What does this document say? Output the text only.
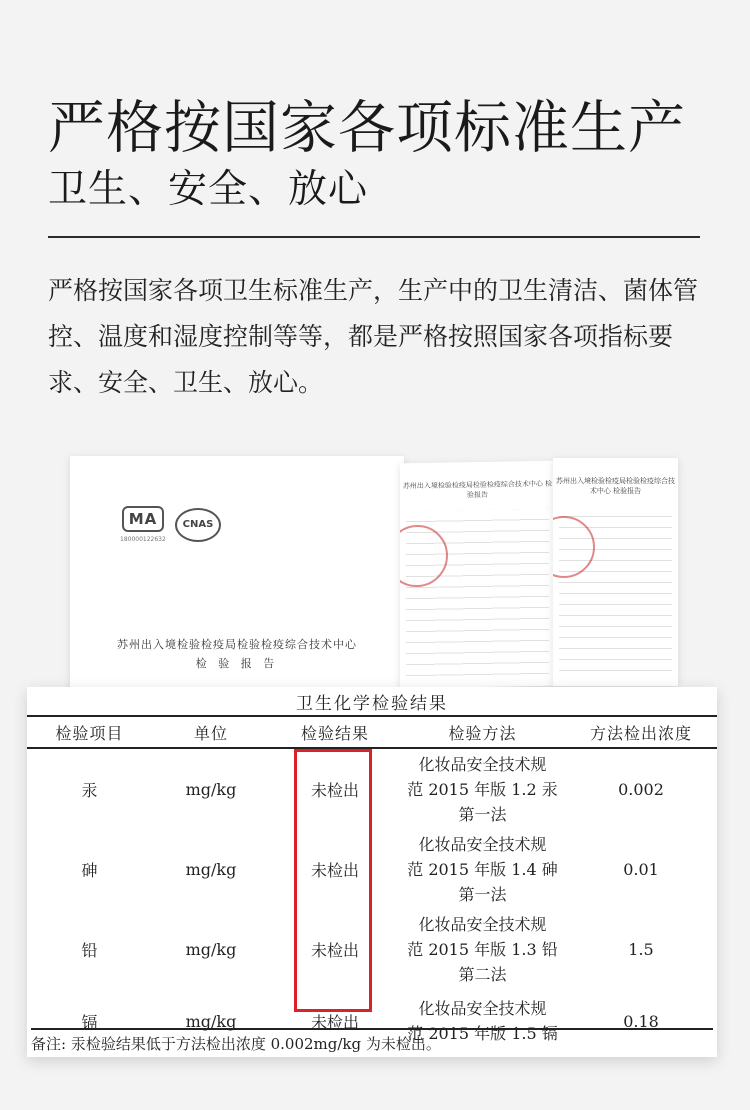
严格按国家各项标准生产
卫生、安全、放心
严格按国家各项卫生标准生产，生产中的卫生清洁、菌体管控、温度和湿度控制等等，都是严格按照国家各项指标要求、安全、卫生、放心。
MA
180000122632
CNAS
苏州出入境检验检疫局检验检疫综合技术中心
检 验 报 告
苏州出入境检验检疫局检验检疫综合技术中心 检验报告
苏州出入境检验检疫局检验检疫综合技术中心 检验报告
卫生化学检验结果
检验项目	单位	检验结果	检验方法	方法检出浓度
汞	mg/kg	未检出	化妆品安全技术规
范 2015 年版 1.2 汞
第一法	0.002
砷	mg/kg	未检出	化妆品安全技术规
范 2015 年版 1.4 砷
第一法	0.01
铅	mg/kg	未检出	化妆品安全技术规
范 2015 年版 1.3 铅
第二法	1.5
镉	mg/kg	未检出	化妆品安全技术规
范 2015 年版 1.5 镉	0.18
备注: 汞检验结果低于方法检出浓度 0.002mg/kg 为未检出。
